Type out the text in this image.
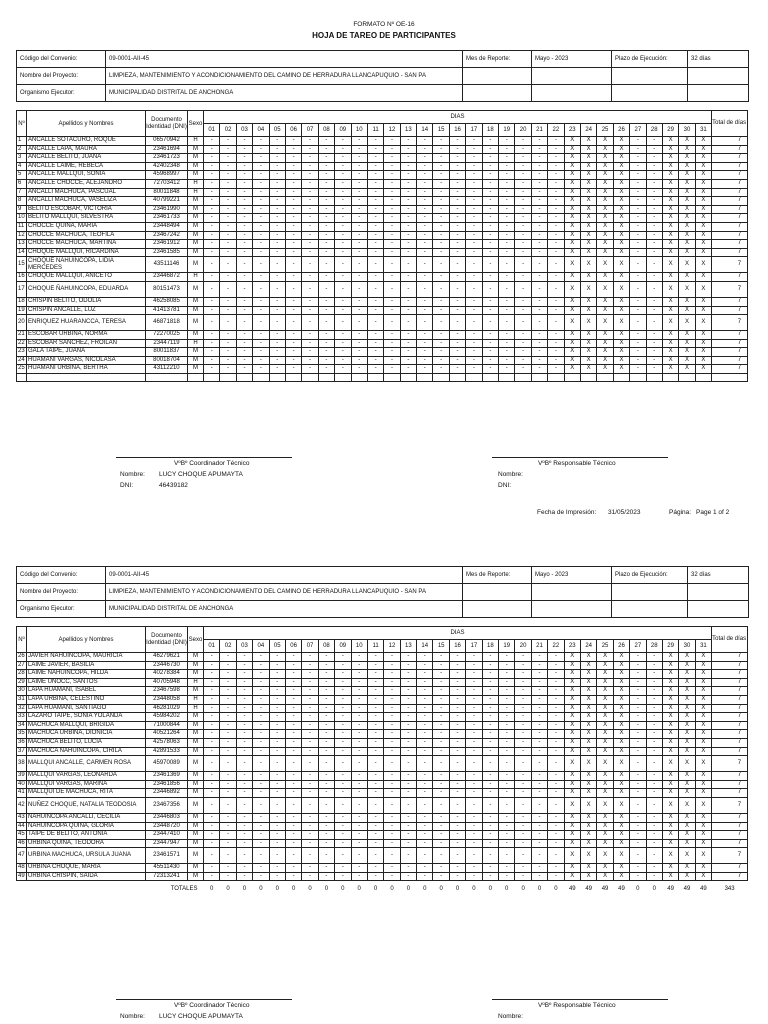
FORMATO Nº OE-16
HOJA DE TAREO DE PARTICIPANTES
Código del Convenio:	09-0001-AII-45	Mes de Reporte:	Mayo - 2023	Plazo de Ejecución:	32 días
Nombre del Proyecto:	LIMPIEZA, MANTENIMIENTO Y ACONDICIONAMIENTO DEL CAMINO DE HERRADURA LLANCAPUQUIO - SAN PA				
Organismo Ejecutor:	MUNICIPALIDAD DISTRITAL DE ANCHONGA				
Nº	Apellidos y Nombres	Documento Identidad (DNI)	Sexo	DIAS																															Total de días
				01	02	03	04	05	06	07	08	09	10	11	12	13	14	15	16	17	18	19	20	21	22	23	24	25	26	27	28	29	30	31	
1	ANCALLE SOTACURO, ROQUE	06570942	H	-	-	-	-	-	-	-	-	-	-	-	-	-	-	-	-	-	-	-	-	-	-	X	X	X	X	-	-	X	X	X	7
2	ANCALLE LAPA, MAURA	23461694	M	-	-	-	-	-	-	-	-	-	-	-	-	-	-	-	-	-	-	-	-	-	-	X	X	X	X	-	-	X	X	X	7
3	ANCALLE BELITO, JUANA	23461723	M	-	-	-	-	-	-	-	-	-	-	-	-	-	-	-	-	-	-	-	-	-	-	X	X	X	X	-	-	X	X	X	7
4	ANCALLE LAIME, REBECA	42402348	M	-	-	-	-	-	-	-	-	-	-	-	-	-	-	-	-	-	-	-	-	-	-	X	X	X	X	-	-	X	X	X	7
5	ANCALLE MALLQUI, SONIA	45968997	M	-	-	-	-	-	-	-	-	-	-	-	-	-	-	-	-	-	-	-	-	-	-	X	X	X	X	-	-	X	X	X	7
6	ANCALLE CHOCCE, ALEJANDRO	72703412	H	-	-	-	-	-	-	-	-	-	-	-	-	-	-	-	-	-	-	-	-	-	-	X	X	X	X	-	-	X	X	X	7
7	ANCALLI MACHUCA, PASCUAL	80011848	H	-	-	-	-	-	-	-	-	-	-	-	-	-	-	-	-	-	-	-	-	-	-	X	X	X	X	-	-	X	X	X	7
8	ANCALLI MACHUCA, VASELIZA	40799221	M	-	-	-	-	-	-	-	-	-	-	-	-	-	-	-	-	-	-	-	-	-	-	X	X	X	X	-	-	X	X	X	7
9	BELITO ESCOBAR, VICTORIA	23461990	M	-	-	-	-	-	-	-	-	-	-	-	-	-	-	-	-	-	-	-	-	-	-	X	X	X	X	-	-	X	X	X	7
10	BELITO MALLQUI, SILVESTRA	23461733	M	-	-	-	-	-	-	-	-	-	-	-	-	-	-	-	-	-	-	-	-	-	-	X	X	X	X	-	-	X	X	X	7
11	CHOCCE QUINA, MARIA	23448494	M	-	-	-	-	-	-	-	-	-	-	-	-	-	-	-	-	-	-	-	-	-	-	X	X	X	X	-	-	X	X	X	7
12	CHOCCE MACHUCA, TEOFILA	23467242	M	-	-	-	-	-	-	-	-	-	-	-	-	-	-	-	-	-	-	-	-	-	-	X	X	X	X	-	-	X	X	X	7
13	CHOCCE MACHUCA, MARTINA	23461912	M	-	-	-	-	-	-	-	-	-	-	-	-	-	-	-	-	-	-	-	-	-	-	X	X	X	X	-	-	X	X	X	7
14	CHOQUE MALLQUI, RICARDINA	23461585	M	-	-	-	-	-	-	-	-	-	-	-	-	-	-	-	-	-	-	-	-	-	-	X	X	X	X	-	-	X	X	X	7
15	CHOQUE ÑAHUINCOPA, LIDIA MERCEDES	43511146	M	-	-	-	-	-	-	-	-	-	-	-	-	-	-	-	-	-	-	-	-	-	-	X	X	X	X	-	-	X	X	X	7
16	CHOQUE MALLQUI, ANICETO	23446872	H	-	-	-	-	-	-	-	-	-	-	-	-	-	-	-	-	-	-	-	-	-	-	X	X	X	X	-	-	X	X	X	7
17	CHOQUE ÑAHUINCOPA, EDUARDA	80151473	M	-	-	-	-	-	-	-	-	-	-	-	-	-	-	-	-	-	-	-	-	-	-	X	X	X	X	-	-	X	X	X	7
18	CRISPIN BELITO, ODOLIA	46258085	M	-	-	-	-	-	-	-	-	-	-	-	-	-	-	-	-	-	-	-	-	-	-	X	X	X	X	-	-	X	X	X	7
19	CRISPIN ANCALLE, LUZ	41413781	M	-	-	-	-	-	-	-	-	-	-	-	-	-	-	-	-	-	-	-	-	-	-	X	X	X	X	-	-	X	X	X	7
20	ENRIQUEZ HUARANCCA, TERESA	46871818	M	-	-	-	-	-	-	-	-	-	-	-	-	-	-	-	-	-	-	-	-	-	-	X	X	X	X	-	-	X	X	X	7
21	ESCOBAR URBINA, NORMA	72270025	M	-	-	-	-	-	-	-	-	-	-	-	-	-	-	-	-	-	-	-	-	-	-	X	X	X	X	-	-	X	X	X	7
22	ESCOBAR SANCHEZ, FROILAN	23447119	H	-	-	-	-	-	-	-	-	-	-	-	-	-	-	-	-	-	-	-	-	-	-	X	X	X	X	-	-	X	X	X	7
23	GALA TAIPE, JUANA	80011837	M	-	-	-	-	-	-	-	-	-	-	-	-	-	-	-	-	-	-	-	-	-	-	X	X	X	X	-	-	X	X	X	7
24	HUAMANI VARGAS, NICOLASA	80018704	M	-	-	-	-	-	-	-	-	-	-	-	-	-	-	-	-	-	-	-	-	-	-	X	X	X	X	-	-	X	X	X	7
25	HUAMANI URBINA, BERTHA	43112210	M	-	-	-	-	-	-	-	-	-	-	-	-	-	-	-	-	-	-	-	-	-	-	X	X	X	X	-	-	X	X	X	7

VºBº Coordinador Técnico	VºBº Responsable Técnico
Nombre: LUCY CHOQUE APUMAYTA
DNI:	46439182
Nombre:
DNI:
Fecha de Impresión: 31/05/2023	Página: Page 1 of 2
Código del Convenio:	09-0001-AII-45	Mes de Reporte:	Mayo - 2023	Plazo de Ejecución:	32 días
Nombre del Proyecto:	LIMPIEZA, MANTENIMIENTO Y ACONDICIONAMIENTO DEL CAMINO DE HERRADURA LLANCAPUQUIO - SAN PA				
Organismo Ejecutor:	MUNICIPALIDAD DISTRITAL DE ANCHONGA				
Nº	Apellidos y Nombres	Documento Identidad (DNI)	Sexo	DIAS																															Total de días
				01	02	03	04	05	06	07	08	09	10	11	12	13	14	15	16	17	18	19	20	21	22	23	24	25	26	27	28	29	30	31	
26	JAVIER ÑAHUINCOPA, MAURICIA	46279621	M	-	-	-	-	-	-	-	-	-	-	-	-	-	-	-	-	-	-	-	-	-	-	X	X	X	X	-	-	X	X	X	7
27	LAIME JAVIER, BASILIA	23446730	M	-	-	-	-	-	-	-	-	-	-	-	-	-	-	-	-	-	-	-	-	-	-	X	X	X	X	-	-	X	X	X	7
28	LAIME ÑAHUINCOPA, HILDA	40278384	M	-	-	-	-	-	-	-	-	-	-	-	-	-	-	-	-	-	-	-	-	-	-	X	X	X	X	-	-	X	X	X	7
29	LAIME UNOCC, SANTOS	40705948	H	-	-	-	-	-	-	-	-	-	-	-	-	-	-	-	-	-	-	-	-	-	-	X	X	X	X	-	-	X	X	X	7
30	LAPA HUAMANI, ISABEL	23467598	M	-	-	-	-	-	-	-	-	-	-	-	-	-	-	-	-	-	-	-	-	-	-	X	X	X	X	-	-	X	X	X	7
31	LAPA URBINA, CELESTINO	23448058	H	-	-	-	-	-	-	-	-	-	-	-	-	-	-	-	-	-	-	-	-	-	-	X	X	X	X	-	-	X	X	X	7
32	LAPA HUAMANI, SANTIAGO	46281029	H	-	-	-	-	-	-	-	-	-	-	-	-	-	-	-	-	-	-	-	-	-	-	X	X	X	X	-	-	X	X	X	7
33	LAZARO TAIPE, SONIA YOLANDA	45984202	M	-	-	-	-	-	-	-	-	-	-	-	-	-	-	-	-	-	-	-	-	-	-	X	X	X	X	-	-	X	X	X	7
34	MACHUCA MALLQUI, BRIGIDA	71000844	M	-	-	-	-	-	-	-	-	-	-	-	-	-	-	-	-	-	-	-	-	-	-	X	X	X	X	-	-	X	X	X	7
35	MACHUCA URBINA, DIONICIA	40521264	M	-	-	-	-	-	-	-	-	-	-	-	-	-	-	-	-	-	-	-	-	-	-	X	X	X	X	-	-	X	X	X	7
36	MACHUCA BELITO, LUCIA	42578063	M	-	-	-	-	-	-	-	-	-	-	-	-	-	-	-	-	-	-	-	-	-	-	X	X	X	X	-	-	X	X	X	7
37	MACHUCA ÑAHUINCOPA, CIRILA	42891533	M	-	-	-	-	-	-	-	-	-	-	-	-	-	-	-	-	-	-	-	-	-	-	X	X	X	X	-	-	X	X	X	7
38	MALLQUI ANCALLE, CARMEN ROSA	45970089	M	-	-	-	-	-	-	-	-	-	-	-	-	-	-	-	-	-	-	-	-	-	-	X	X	X	X	-	-	X	X	X	7
39	MALLQUI VARGAS, LEONARDA	23461369	M	-	-	-	-	-	-	-	-	-	-	-	-	-	-	-	-	-	-	-	-	-	-	X	X	X	X	-	-	X	X	X	7
40	MALLQUI VARGAS, MARINA	23461856	M	-	-	-	-	-	-	-	-	-	-	-	-	-	-	-	-	-	-	-	-	-	-	X	X	X	X	-	-	X	X	X	7
41	MALLQUI DE MACHUCA, RITA	23446892	M	-	-	-	-	-	-	-	-	-	-	-	-	-	-	-	-	-	-	-	-	-	-	X	X	X	X	-	-	X	X	X	7
42	NUÑEZ CHOQUE, NATALIA TEODOSIA	23467356	M	-	-	-	-	-	-	-	-	-	-	-	-	-	-	-	-	-	-	-	-	-	-	X	X	X	X	-	-	X	X	X	7
43	ÑAHUINCOPA ANCALLI, CECILIA	23446803	M	-	-	-	-	-	-	-	-	-	-	-	-	-	-	-	-	-	-	-	-	-	-	X	X	X	X	-	-	X	X	X	7
44	ÑAHUINCOPA QUINA, GLORIA	23448720	M	-	-	-	-	-	-	-	-	-	-	-	-	-	-	-	-	-	-	-	-	-	-	X	X	X	X	-	-	X	X	X	7
45	TAIPE DE BELITO, ANTONIA	23447410	M	-	-	-	-	-	-	-	-	-	-	-	-	-	-	-	-	-	-	-	-	-	-	X	X	X	X	-	-	X	X	X	7
46	URBINA QUINA, TEODORA	23447947	M	-	-	-	-	-	-	-	-	-	-	-	-	-	-	-	-	-	-	-	-	-	-	X	X	X	X	-	-	X	X	X	7
47	URBINA MACHUCA, URSULA JUANA	23461571	M	-	-	-	-	-	-	-	-	-	-	-	-	-	-	-	-	-	-	-	-	-	-	X	X	X	X	-	-	X	X	X	7
48	URBINA CHOQUE, MARIA	45511430	M	-	-	-	-	-	-	-	-	-	-	-	-	-	-	-	-	-	-	-	-	-	-	X	X	X	X	-	-	X	X	X	7
49	URBINA CRISPIN, SAIDA	72313241	M	-	-	-	-	-	-	-	-	-	-	-	-	-	-	-	-	-	-	-	-	-	-	X	X	X	X	-	-	X	X	X	7
TOTALES				0	0	0	0	0	0	0	0	0	0	0	0	0	0	0	0	0	0	0	0	0	0	49	49	49	49	0	0	49	49	49	343
VºBº Coordinador Técnico	VºBº Responsable Técnico
Nombre: LUCY CHOQUE APUMAYTA	Nombre:
